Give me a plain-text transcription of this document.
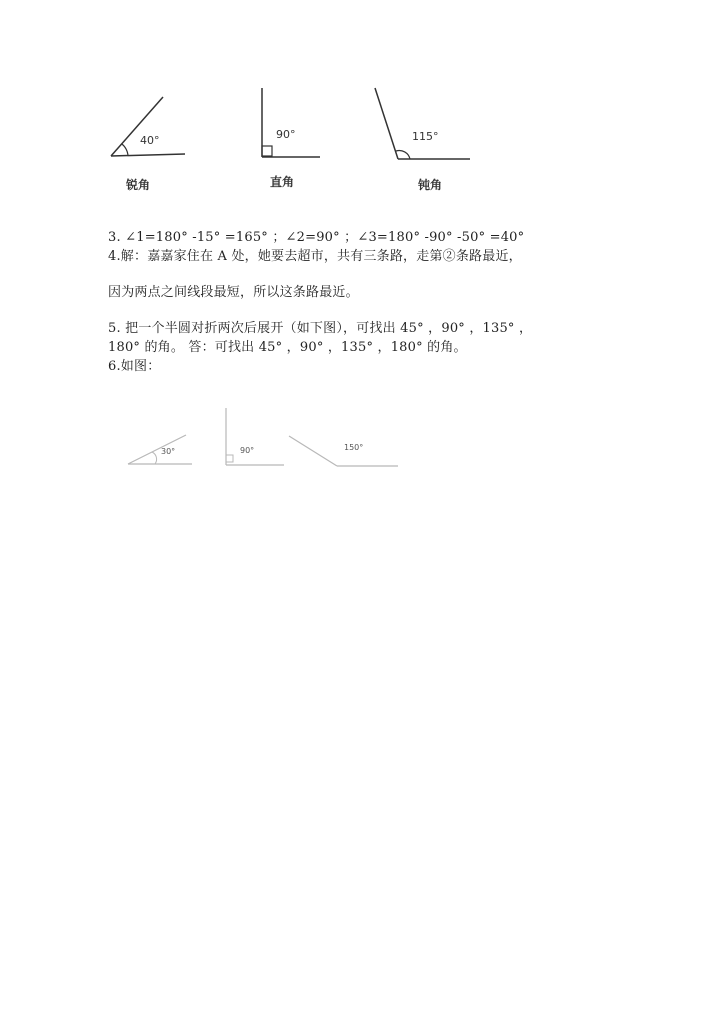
40°
锐角
90°
直角
115°
钝角
3. ∠1=180° -15° =165° ；∠2=90° ；∠3=180° -90° -50° =40°
4.解：嘉嘉家住在 A 处，她要去超市，共有三条路，走第②条路最近，
因为两点之间线段最短，所以这条路最近。
5. 把一个半圆对折两次后展开（如下图），可找出 45° ，90° ，135° ，
180° 的角。 答：可找出 45° ，90° ，135° ，180° 的角。
6.如图：
30°	90°	150°
